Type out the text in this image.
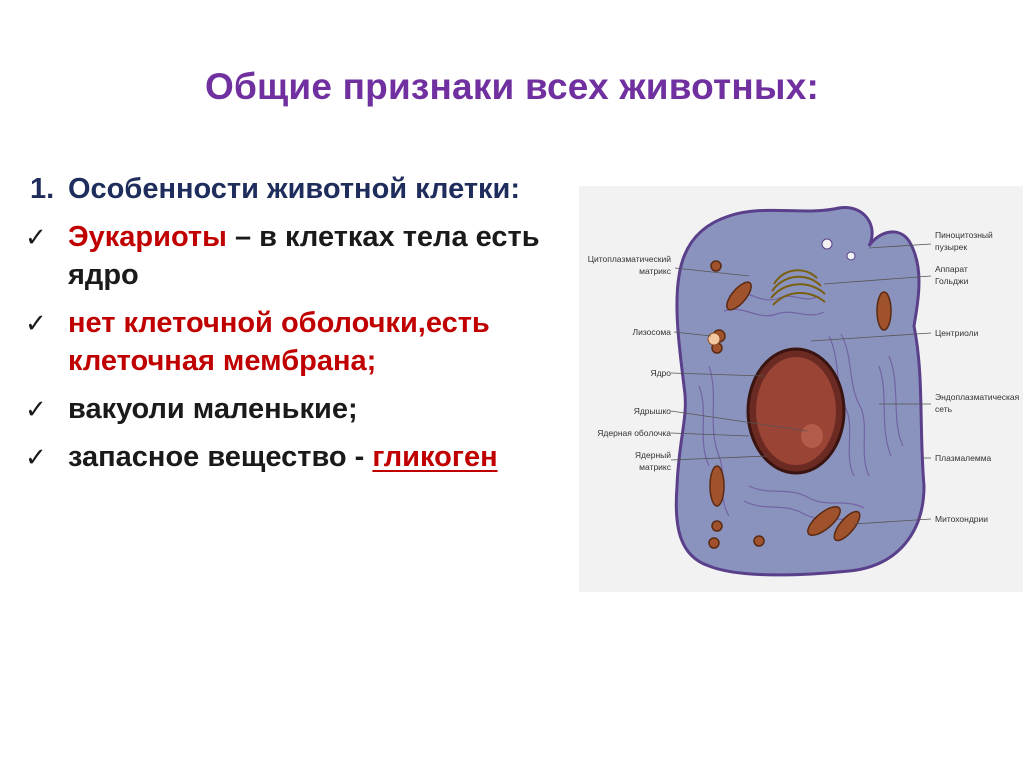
Общие признаки всех животных:
1. Особенности животной клетки:
✓ Эукариоты – в клетках тела есть ядро
✓ нет клеточной оболочки,есть клеточная мембрана;
✓ вакуоли маленькие;
✓ запасное вещество - гликоген
Цитоплазматический матрикс
Лизосома
Ядро
Ядрышко
Ядерная оболочка
Ядерный матрикс
Пиноцитозный пузырек
Аппарат Гольджи
Центриоли
Эндоплазматическая сеть
Плазмалемма
Митохондрии
